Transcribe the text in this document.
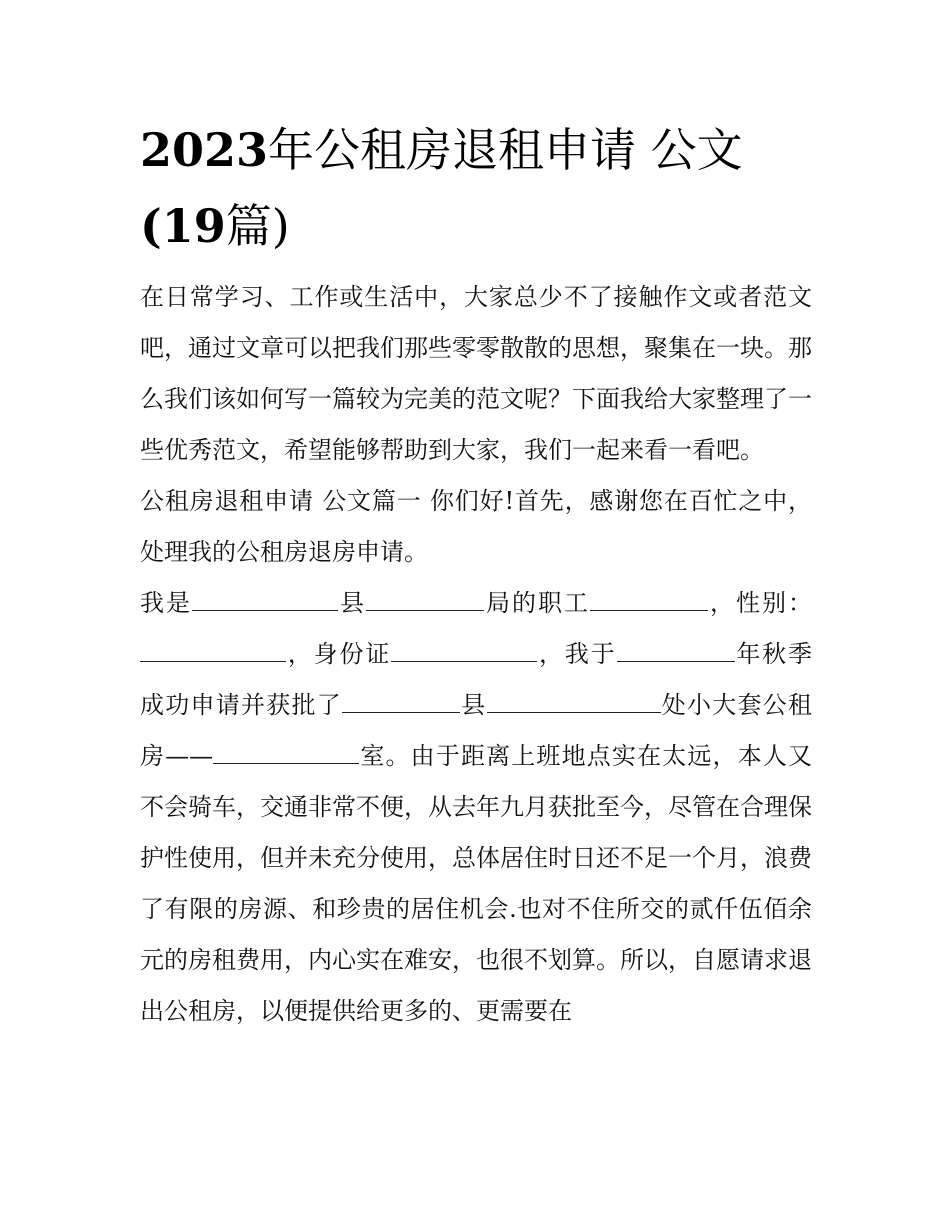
2023年公租房退租申请 公文
(19篇)

在日常学习、工作或生活中，大家总少不了接触作文或者范文吧，通过文章可以把我们那些零零散散的思想，聚集在一块。那么我们该如何写一篇较为完美的范文呢？下面我给大家整理了一些优秀范文，希望能够帮助到大家，我们一起来看一看吧。

公租房退租申请 公文篇一 你们好!首先，感谢您在百忙之中，处理我的公租房退房申请。

我是	县	局的职工	，性别：，身份证	，我于	年秋季成功申请并获批了	县	处小大套公租房——	室。由于距离上班地点实在太远，本人又不会骑车，交通非常不便，从去年九月获批至今，尽管在合理保护性使用，但并未充分使用，总体居住时日还不足一个月，浪费了有限的房源、和珍贵的居住机会.也对不住所交的贰仟伍佰余元的房租费用，内心实在难安，也很不划算。所以，自愿请求退出公租房，以便提供给更多的、更需要在
